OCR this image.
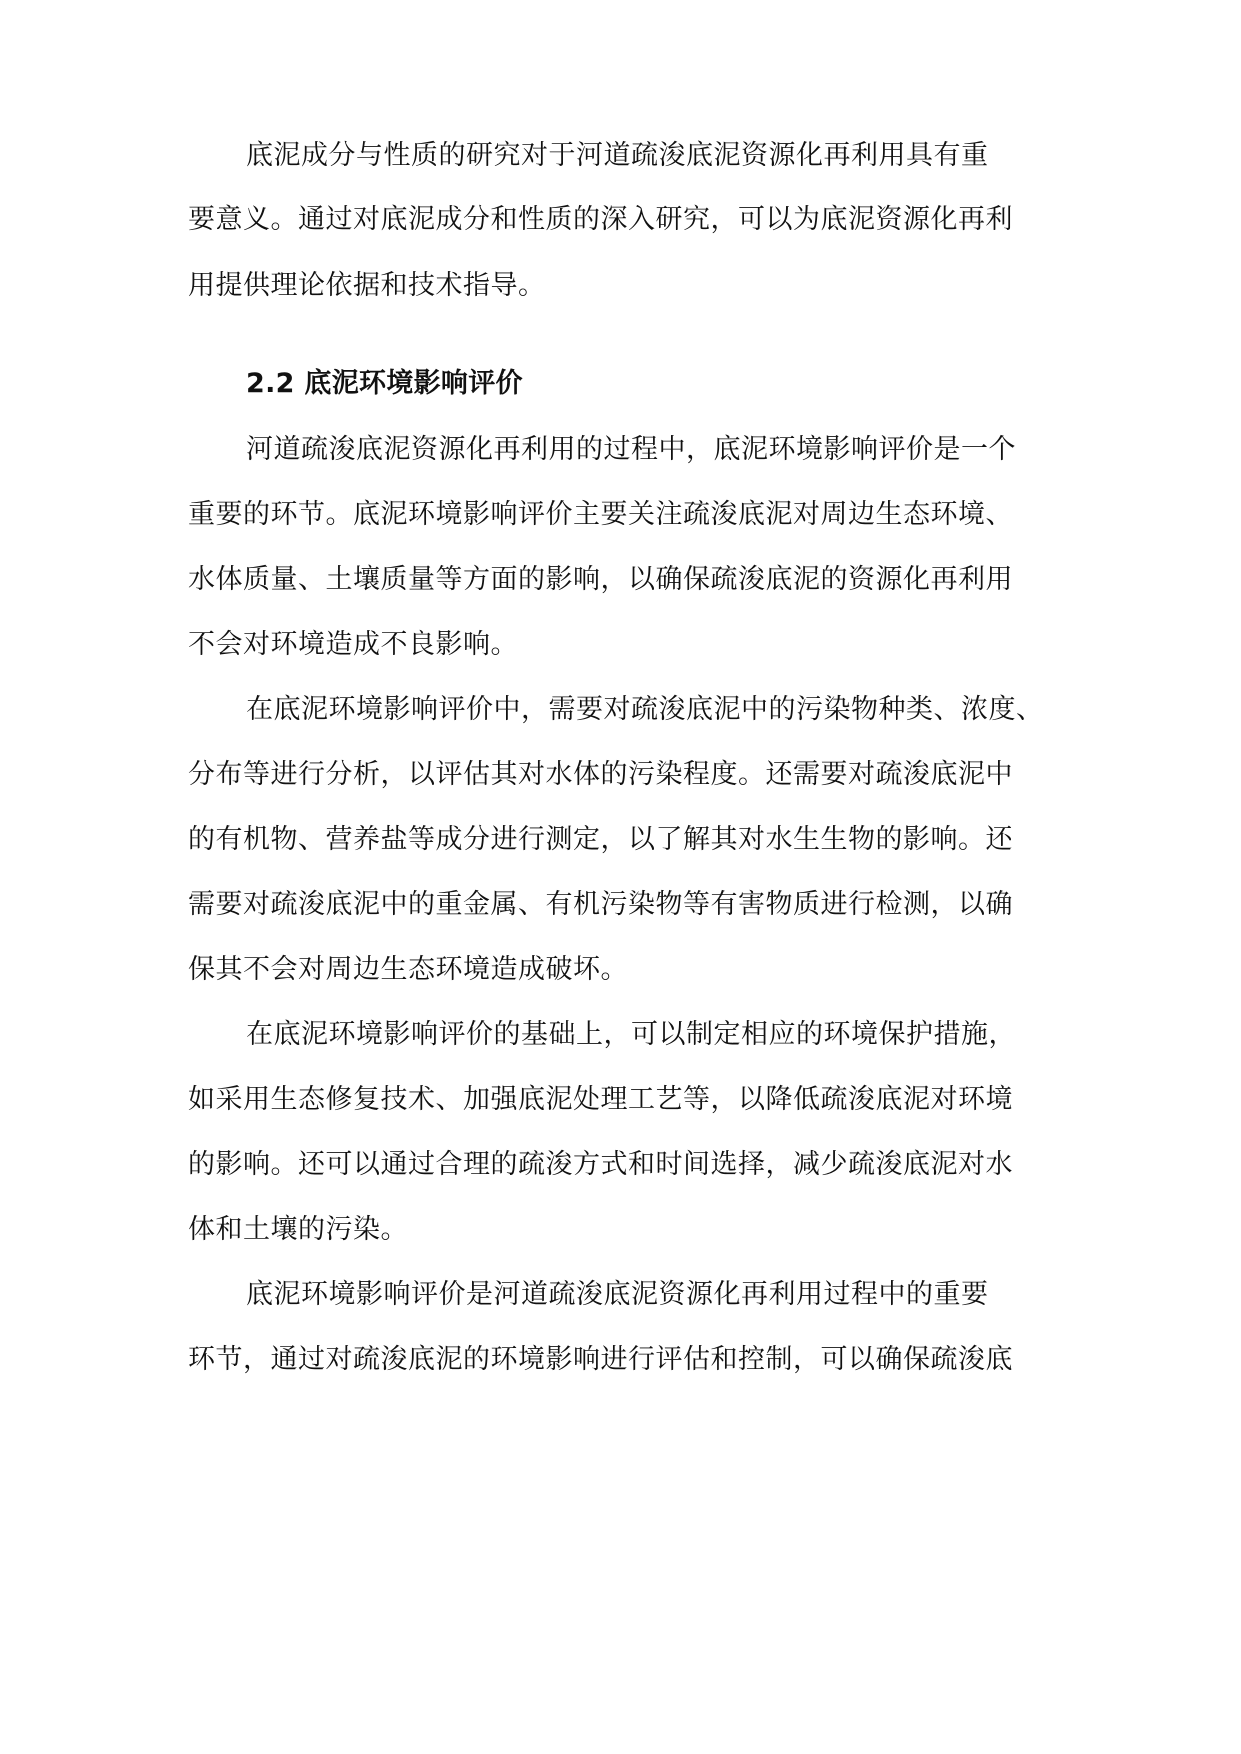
底泥成分与性质的研究对于河道疏浚底泥资源化再利用具有重
要意义。通过对底泥成分和性质的深入研究，可以为底泥资源化再利
用提供理论依据和技术指导。
2.2 底泥环境影响评价
河道疏浚底泥资源化再利用的过程中，底泥环境影响评价是一个
重要的环节。底泥环境影响评价主要关注疏浚底泥对周边生态环境、
水体质量、土壤质量等方面的影响，以确保疏浚底泥的资源化再利用
不会对环境造成不良影响。
在底泥环境影响评价中，需要对疏浚底泥中的污染物种类、浓度、
分布等进行分析，以评估其对水体的污染程度。还需要对疏浚底泥中
的有机物、营养盐等成分进行测定，以了解其对水生生物的影响。还
需要对疏浚底泥中的重金属、有机污染物等有害物质进行检测，以确
保其不会对周边生态环境造成破坏。
在底泥环境影响评价的基础上，可以制定相应的环境保护措施，
如采用生态修复技术、加强底泥处理工艺等，以降低疏浚底泥对环境
的影响。还可以通过合理的疏浚方式和时间选择，减少疏浚底泥对水
体和土壤的污染。
底泥环境影响评价是河道疏浚底泥资源化再利用过程中的重要
环节，通过对疏浚底泥的环境影响进行评估和控制，可以确保疏浚底
